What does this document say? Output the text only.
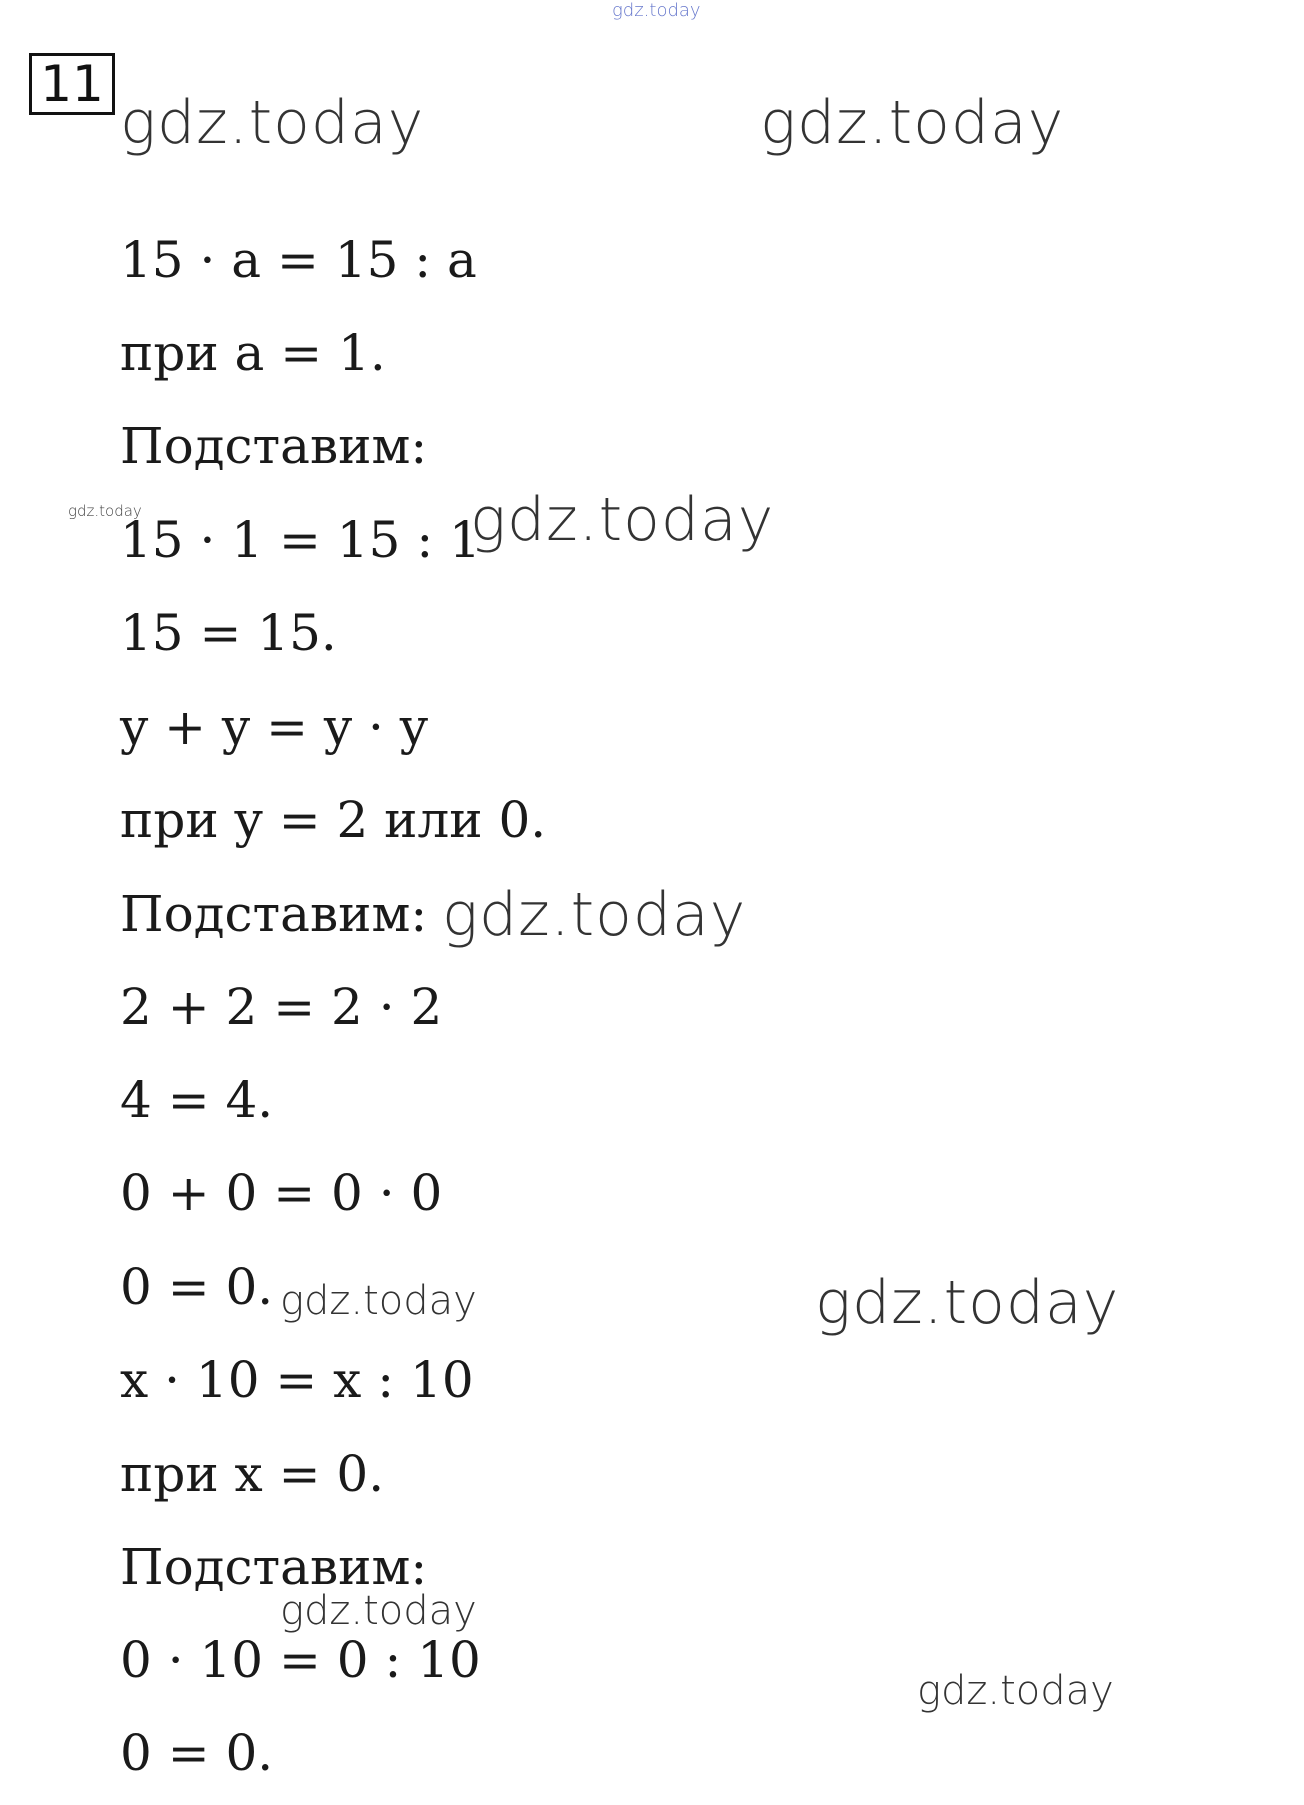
gdz.today
11
gdz.today	gdz.today
15 · a = 15 : a
при a = 1.
Подставим:
gdz.today
15 · 1 = 15 : 1
gdz.today
15 = 15.
y + y = y · y
при y = 2 или 0.
Подставим: gdz.today
2 + 2 = 2 · 2
4 = 4.
0 + 0 = 0 · 0
0 = 0. gdz.today	gdz.today
x · 10 = x : 10
при x = 0.
Подставим:
gdz.today
0 · 10 = 0 : 10
gdz.today
0 = 0.
